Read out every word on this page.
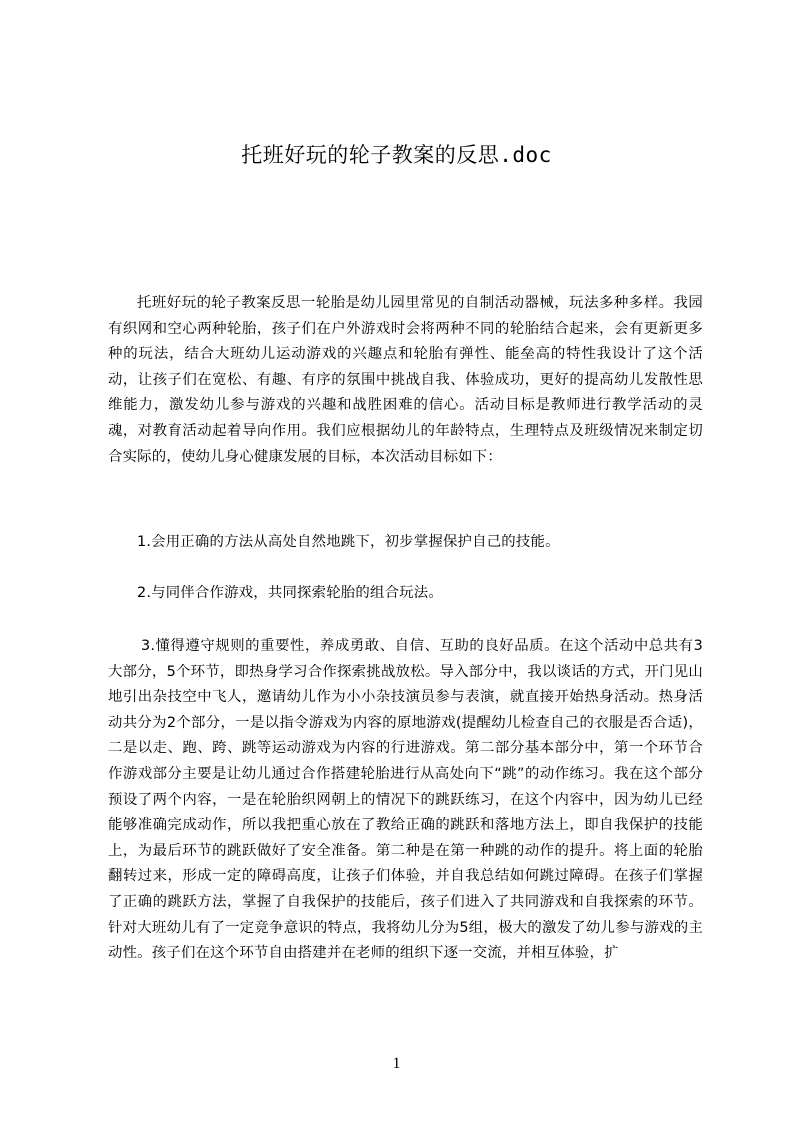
托班好玩的轮子教案的反思.doc

托班好玩的轮子教案反思一轮胎是幼儿园里常见的自制活动器械，玩法多种多样。我园有织网和空心两种轮胎，孩子们在户外游戏时会将两种不同的轮胎结合起来，会有更新更多种的玩法，结合大班幼儿运动游戏的兴趣点和轮胎有弹性、能垒高的特性我设计了这个活动，让孩子们在宽松、有趣、有序的氛围中挑战自我、体验成功，更好的提高幼儿发散性思维能力，激发幼儿参与游戏的兴趣和战胜困难的信心。活动目标是教师进行教学活动的灵魂，对教育活动起着导向作用。我们应根据幼儿的年龄特点，生理特点及班级情况来制定切合实际的，使幼儿身心健康发展的目标，本次活动目标如下：

1.会用正确的方法从高处自然地跳下，初步掌握保护自己的技能。

2.与同伴合作游戏，共同探索轮胎的组合玩法。

3.懂得遵守规则的重要性，养成勇敢、自信、互助的良好品质。在这个活动中总共有3大部分，5个环节，即热身学习合作探索挑战放松。导入部分中，我以谈话的方式，开门见山地引出杂技空中飞人，邀请幼儿作为小小杂技演员参与表演，就直接开始热身活动。热身活动共分为2个部分，一是以指令游戏为内容的原地游戏(提醒幼儿检查自己的衣服是否合适)，二是以走、跑、跨、跳等运动游戏为内容的行进游戏。第二部分基本部分中，第一个环节合作游戏部分主要是让幼儿通过合作搭建轮胎进行从高处向下“跳”的动作练习。我在这个部分预设了两个内容，一是在轮胎织网朝上的情况下的跳跃练习，在这个内容中，因为幼儿已经能够准确完成动作，所以我把重心放在了教给正确的跳跃和落地方法上，即自我保护的技能上，为最后环节的跳跃做好了安全准备。第二种是在第一种跳的动作的提升。将上面的轮胎翻转过来，形成一定的障碍高度，让孩子们体验，并自我总结如何跳过障碍。在孩子们掌握了正确的跳跃方法，掌握了自我保护的技能后，孩子们进入了共同游戏和自我探索的环节。针对大班幼儿有了一定竞争意识的特点，我将幼儿分为5组，极大的激发了幼儿参与游戏的主动性。孩子们在这个环节自由搭建并在老师的组织下逐一交流，并相互体验，扩

1
